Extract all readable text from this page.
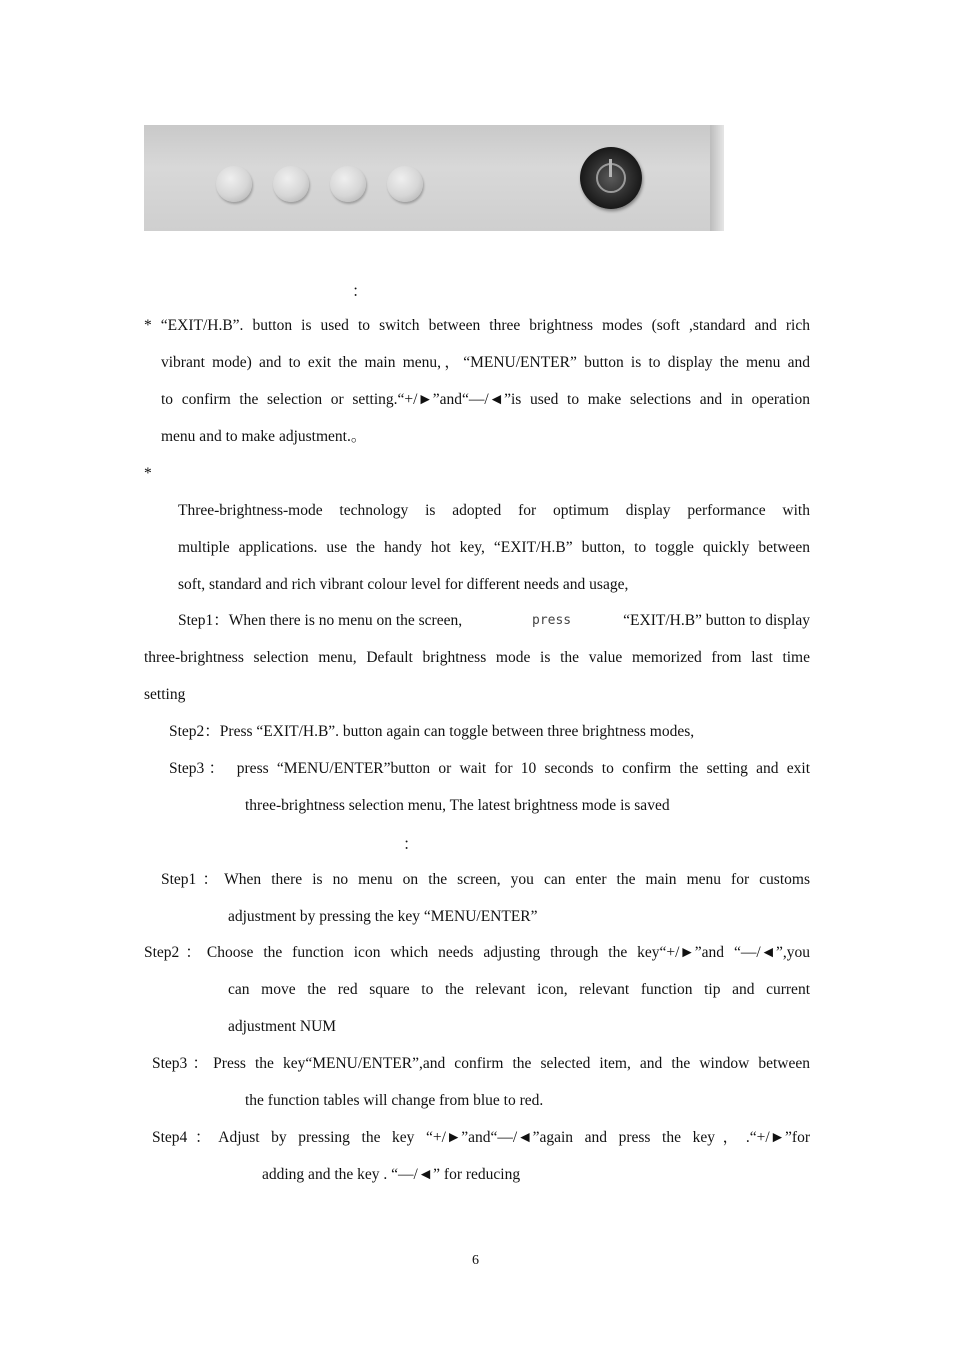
：
* “EXIT/H.B”. button is used to switch between three brightness modes (soft ,standard and rich
vibrant mode) and to exit the main menu,，“MENU/ENTER” button is to display the menu and
to confirm the selection or setting.“+/►”and“—/◄”is used to make selections and in operation
menu and to make adjustment.。
*
Three-brightness-mode technology is adopted for optimum display performance with
multiple applications. use the handy hot key, “EXIT/H.B” button, to toggle quickly between
soft, standard and rich vibrant colour level for different needs and usage,
Step1：When there is no menu on the screen,	press	“EXIT/H.B” button to display
three-brightness selection menu, Default brightness mode is the value memorized from last time
setting
Step2：Press “EXIT/H.B”. button again can toggle between three brightness modes,
Step3： press “MENU/ENTER”button or wait for 10 seconds to confirm the setting and exit
three-brightness selection menu, The latest brightness mode is saved
：
Step1：When there is no menu on the screen, you can enter the main menu for customs
adjustment by pressing the key “MENU/ENTER”
Step2：Choose the function icon which needs adjusting through the key“+/►”and “—/◄”,you
can move the red square to the relevant icon, relevant function tip and current
adjustment NUM
Step3：Press the key“MENU/ENTER”,and confirm the selected item, and the window between
the function tables will change from blue to red.
Step4：Adjust by pressing the key “+/►”and“—/◄”again and press the key，.“+/►”for
adding and the key . “—/◄” for reducing
6
